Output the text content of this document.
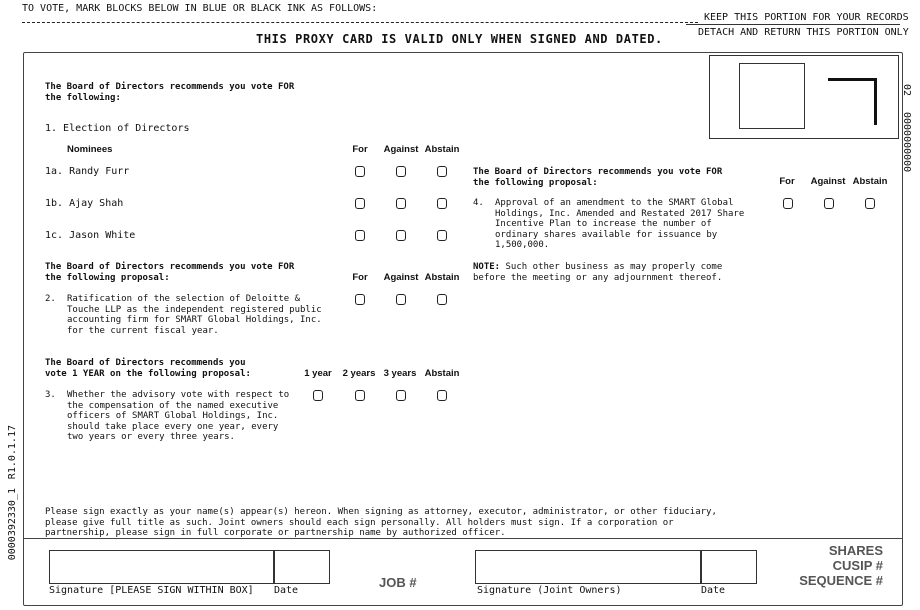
TO VOTE, MARK BLOCKS BELOW IN BLUE OR BLACK INK AS FOLLOWS:
KEEP THIS PORTION FOR YOUR RECORDS
DETACH AND RETURN THIS PORTION ONLY
THIS PROXY CARD IS VALID ONLY WHEN SIGNED AND DATED.
02
0000000000
0000392330_1
R1.0.1.17
The Board of Directors recommends you vote FOR the following:
1. Election of Directors
Nominees	For	Against Abstain
1a. Randy Furr
1b. Ajay Shah
1c. Jason White
The Board of Directors recommends you vote FOR the following proposal:	For	Against Abstain
2. Ratification of the selection of Deloitte & Touche LLP as the independent registered public accounting firm for SMART Global Holdings, Inc. for the current fiscal year.
The Board of Directors recommends you vote 1 YEAR on the following proposal:	1 year	2 years 3 years Abstain
3. Whether the advisory vote with respect to the compensation of the named executive officers of SMART Global Holdings, Inc. should take place every one year, every two years or every three years.
The Board of Directors recommends you vote FOR the following proposal:	For	Against Abstain
4. Approval of an amendment to the SMART Global Holdings, Inc. Amended and Restated 2017 Share Incentive Plan to increase the number of ordinary shares available for issuance by 1,500,000.
NOTE: Such other business as may properly come before the meeting or any adjournment thereof.
Please sign exactly as your name(s) appear(s) hereon. When signing as attorney, executor, administrator, or other fiduciary, please give full title as such. Joint owners should each sign personally. All holders must sign. If a corporation or partnership, please sign in full corporate or partnership name by authorized officer.
Signature [PLEASE SIGN WITHIN BOX] Date
JOB #
Signature (Joint Owners)	Date
SHARES
CUSIP #
SEQUENCE #
